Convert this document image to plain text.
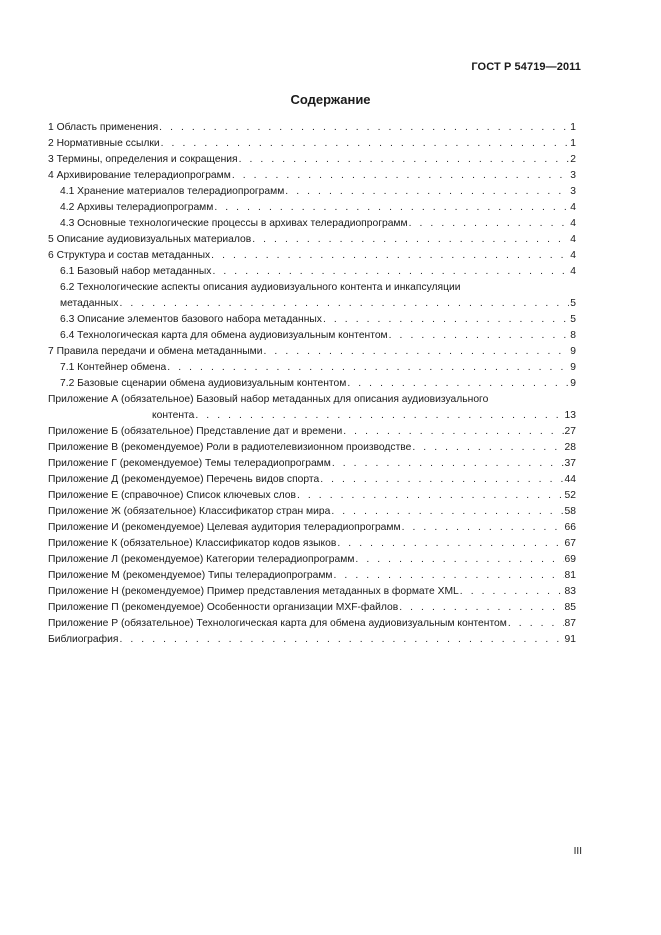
ГОСТ Р 54719—2011
Содержание
1 Область применения . . .	1
2 Нормативные ссылки . . .	1
3 Термины, определения и сокращения . . .	2
4 Архивирование телерадиопрограмм . . .	3
4.1 Хранение материалов телерадиопрограмм . . .	3
4.2 Архивы телерадиопрограмм . . .	4
4.3 Основные технологические процессы в архивах телерадиопрограмм . . .	4
5 Описание аудиовизуальных материалов . . .	4
6 Структура и состав метаданных . . .	4
6.1 Базовый набор метаданных . . .	4
6.2 Технологические аспекты описания аудиовизуального контента и инкапсуляции
метаданных . . .	5
6.3 Описание элементов базового набора метаданных . . .	5
6.4 Технологическая карта для обмена аудиовизуальным контентом . . .	8
7 Правила передачи и обмена метаданными . . .	9
7.1 Контейнер обмена . . .	9
7.2 Базовые сценарии обмена аудиовизуальным контентом . . .	9
Приложение А (обязательное) Базовый набор метаданных для описания аудиовизуального
контента . . .	13
Приложение Б (обязательное) Представление дат и времени . . .	27
Приложение В (рекомендуемое) Роли в радиотелевизионном производстве . . .	28
Приложение Г (рекомендуемое) Темы телерадиопрограмм . . .	37
Приложение Д (рекомендуемое) Перечень видов спорта . . .	44
Приложение Е (справочное) Список ключевых слов . . .	52
Приложение Ж (обязательное) Классификатор стран мира . . .	58
Приложение И (рекомендуемое) Целевая аудитория телерадиопрограмм . . .	66
Приложение К (обязательное) Классификатор кодов языков . . .	67
Приложение Л (рекомендуемое) Категории телерадиопрограмм . . .	69
Приложение М (рекомендуемое) Типы телерадиопрограмм . . .	81
Приложение Н (рекомендуемое) Пример представления метаданных в формате XML . . .	83
Приложение П (рекомендуемое) Особенности организации MXF-файлов . . .	85
Приложение Р (обязательное) Технологическая карта для обмена аудиовизуальным контентом . . .	87
Библиография . . .	91
III
